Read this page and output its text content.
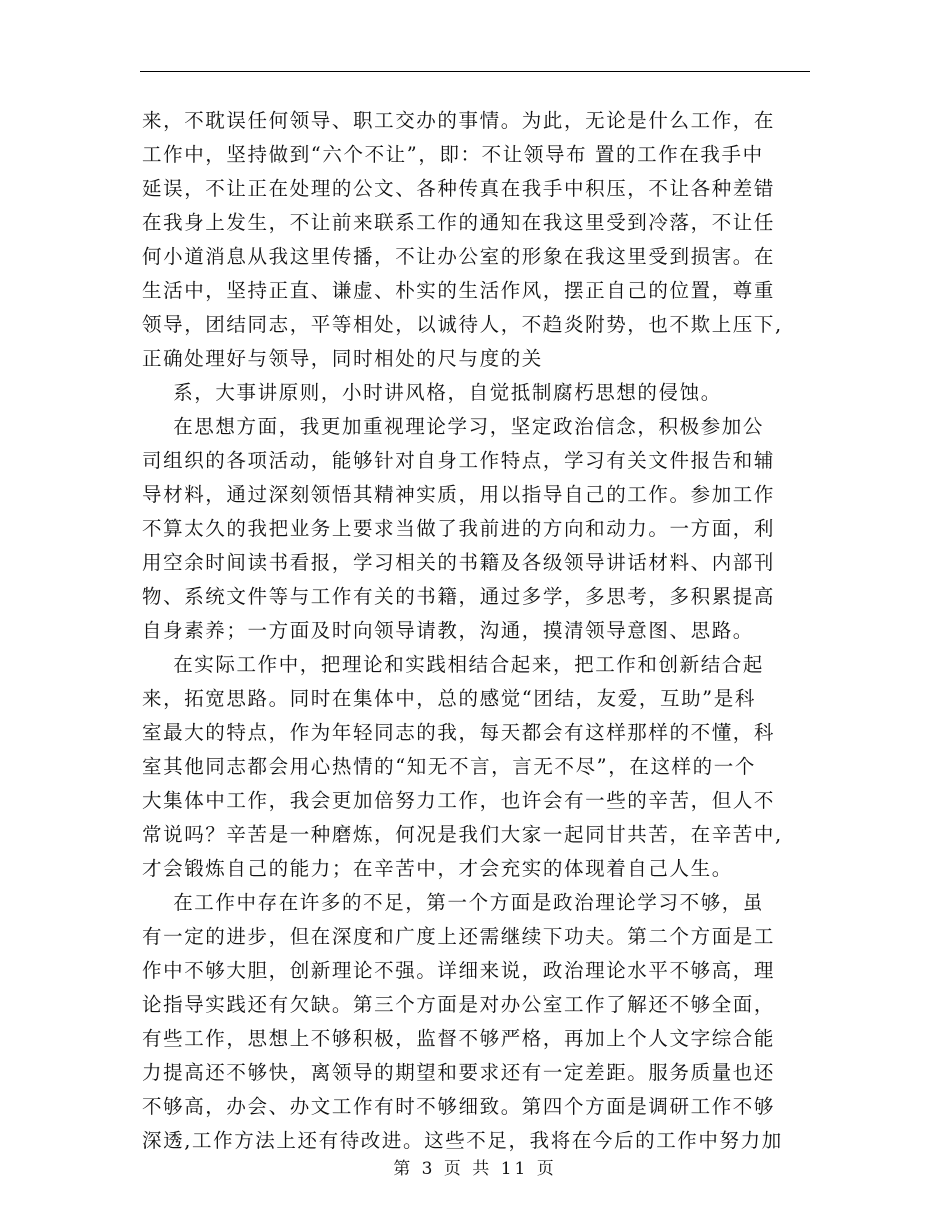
来，不耽误任何领导、职工交办的事情。为此，无论是什么工作，在
工作中，坚持做到“六个不让”，即：不让领导布 置的工作在我手中
延误，不让正在处理的公文、各种传真在我手中积压，不让各种差错
在我身上发生，不让前来联系工作的通知在我这里受到冷落，不让任
何小道消息从我这里传播，不让办公室的形象在我这里受到损害。在
生活中，坚持正直、谦虚、朴实的生活作风，摆正自己的位置，尊重
领导，团结同志，平等相处，以诚待人，不趋炎附势，也不欺上压下,
正确处理好与领导，同时相处的尺与度的关
系，大事讲原则，小时讲风格，自觉抵制腐朽思想的侵蚀。
在思想方面，我更加重视理论学习，坚定政治信念，积极参加公
司组织的各项活动，能够针对自身工作特点，学习有关文件报告和辅
导材料，通过深刻领悟其精神实质，用以指导自己的工作。参加工作
不算太久的我把业务上要求当做了我前进的方向和动力。一方面，利
用空余时间读书看报，学习相关的书籍及各级领导讲话材料、内部刊
物、系统文件等与工作有关的书籍，通过多学，多思考，多积累提高
自身素养；一方面及时向领导请教，沟通，摸清领导意图、思路。
在实际工作中，把理论和实践相结合起来，把工作和创新结合起
来，拓宽思路。同时在集体中，总的感觉“团结，友爱，互助”是科
室最大的特点，作为年轻同志的我，每天都会有这样那样的不懂，科
室其他同志都会用心热情的“知无不言，言无不尽”，在这样的一个
大集体中工作，我会更加倍努力工作，也许会有一些的辛苦，但人不
常说吗？辛苦是一种磨炼，何况是我们大家一起同甘共苦，在辛苦中,
才会锻炼自己的能力；在辛苦中，才会充实的体现着自己人生。
在工作中存在许多的不足，第一个方面是政治理论学习不够，虽
有一定的进步，但在深度和广度上还需继续下功夫。第二个方面是工
作中不够大胆，创新理论不强。详细来说，政治理论水平不够高，理
论指导实践还有欠缺。第三个方面是对办公室工作了解还不够全面，
有些工作，思想上不够积极，监督不够严格，再加上个人文字综合能
力提高还不够快，离领导的期望和要求还有一定差距。服务质量也还
不够高，办会、办文工作有时不够细致。第四个方面是调研工作不够
深透,工作方法上还有待改进。这些不足，我将在今后的工作中努力加
第 3 页 共 11 页
